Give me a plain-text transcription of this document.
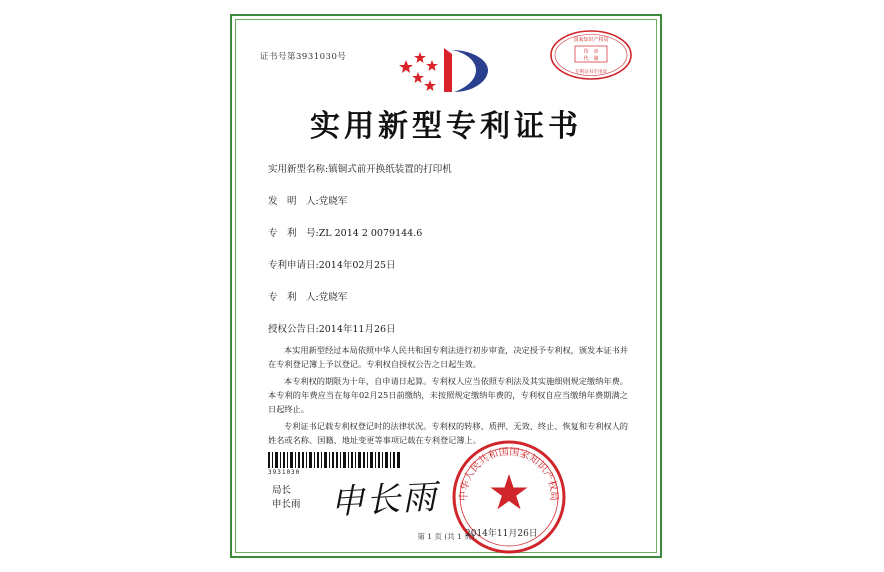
证书号第3931030号
国家知识产权局
印　章
代　制
专利证书专用章
实用新型专利证书
实用新型名称:镇铜式前开换纸装置的打印机
发　明　人:党晓军
专　利　号:ZL 2014 2 0079144.6
专利申请日:2014年02月25日
专　利　人:党晓军
授权公告日:2014年11月26日

本实用新型经过本局依照中华人民共和国专利法进行初步审查，决定授予专利权，颁发本证书并在专利登记簿上予以登记。专利权自授权公告之日起生效。

本专利权的期限为十年，自申请日起算。专利权人应当依照专利法及其实施细则规定缴纳年费。本专利的年费应当在每年02月25日前缴纳，未按照规定缴纳年费的，专利权自应当缴纳年费期满之日起终止。

专利证书记载专利权登记时的法律状况。专利权的转移、质押、无效、终止、恢复和专利权人的姓名或名称、国籍、地址变更等事项记载在专利登记簿上。

3931030
局长
申长雨 申长雨 中华人民共和国国家知识产权局
2014年11月26日
第 1 页 (共 1 页)
